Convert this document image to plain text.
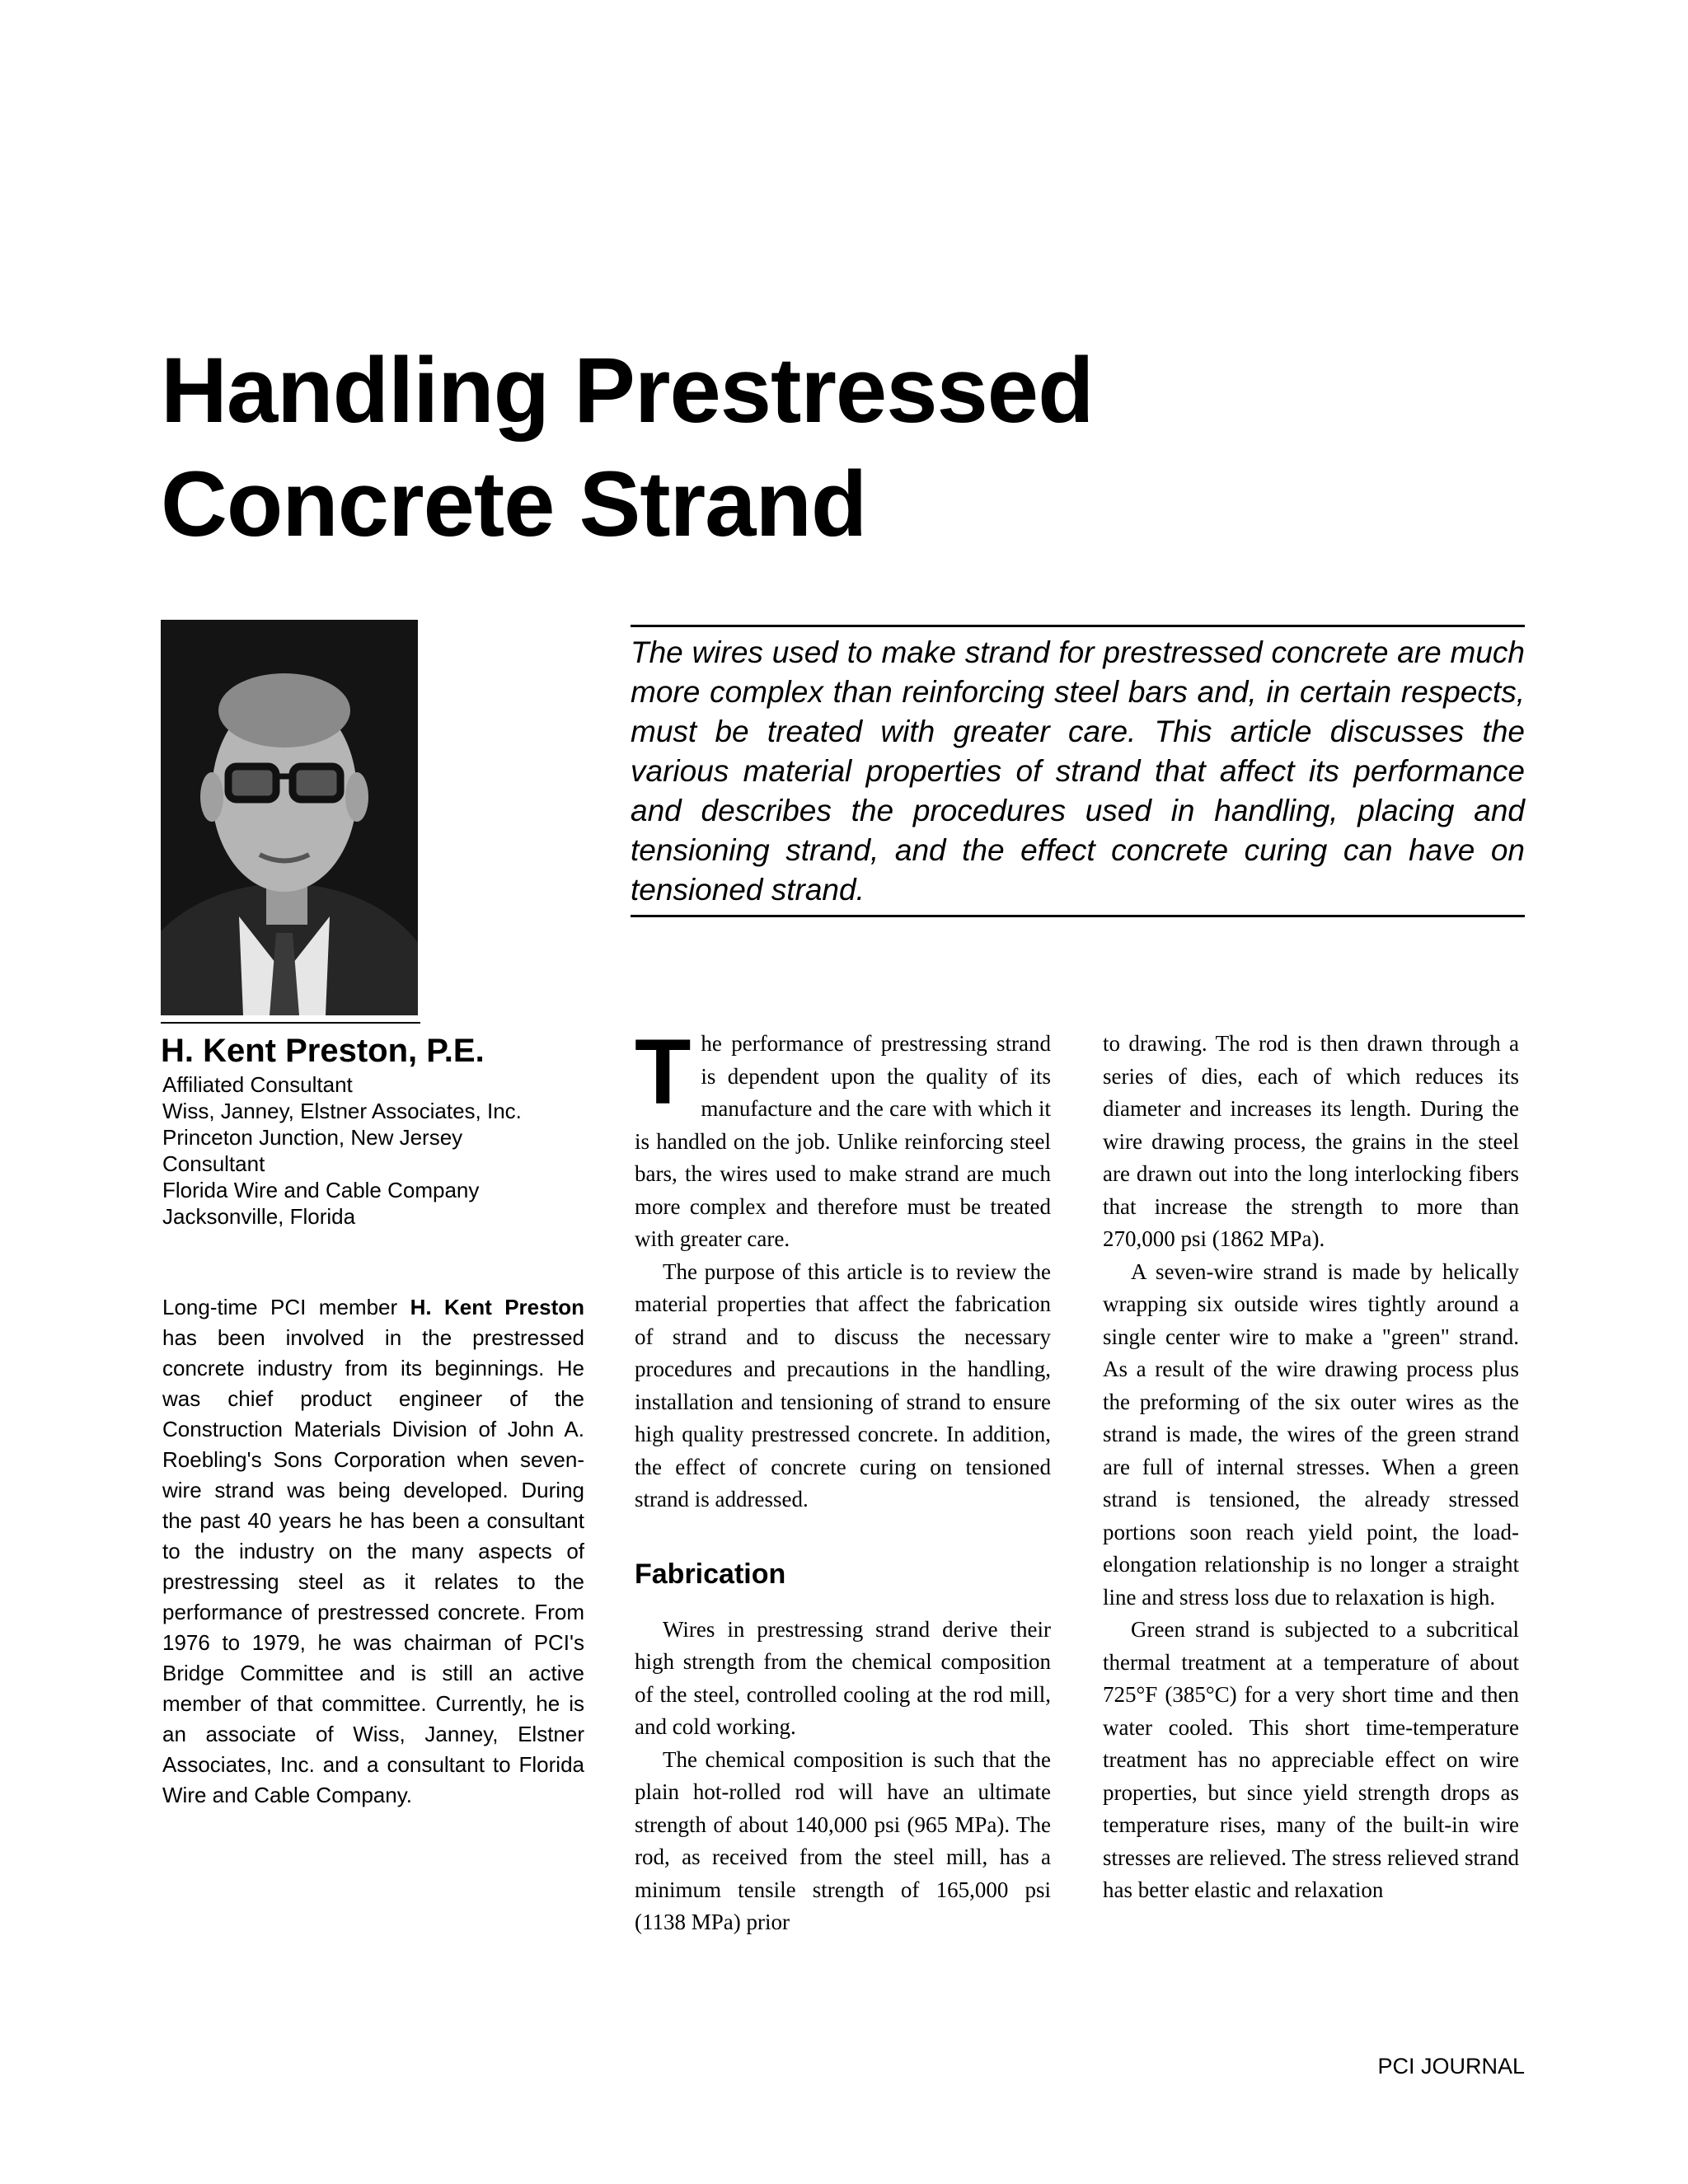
Handling Prestressed
Concrete Strand
The wires used to make strand for prestressed concrete are much more complex than reinforcing steel bars and, in certain respects, must be treated with greater care. This article discusses the various material properties of strand that affect its performance and describes the procedures used in handling, placing and tensioning strand, and the effect concrete curing can have on tensioned strand.
H. Kent Preston, P.E.
Affiliated Consultant
Wiss, Janney, Elstner Associates, Inc.
Princeton Junction, New Jersey
Consultant
Florida Wire and Cable Company
Jacksonville, Florida

Long-time PCI member H. Kent Preston has been involved in the prestressed concrete industry from its beginnings. He was chief product engineer of the Construction Materials Division of John A. Roebling's Sons Corporation when seven-wire strand was being developed. During the past 40 years he has been a consultant to the industry on the many aspects of prestressing steel as it relates to the performance of prestressed concrete. From 1976 to 1979, he was chairman of PCI's Bridge Committee and is still an active member of that committee. Currently, he is an associate of Wiss, Janney, Elstner Associates, Inc. and a consultant to Florida Wire and Cable Company.

The performance of prestressing strand is dependent upon the quality of its manufacture and the care with which it is handled on the job. Unlike reinforcing steel bars, the wires used to make strand are much more complex and therefore must be treated with greater care.

The purpose of this article is to review the material properties that affect the fabrication of strand and to discuss the necessary procedures and precautions in the handling, installation and tensioning of strand to ensure high quality prestressed concrete. In addition, the effect of concrete curing on tensioned strand is addressed.

Fabrication

Wires in prestressing strand derive their high strength from the chemical composition of the steel, controlled cooling at the rod mill, and cold working.

The chemical composition is such that the plain hot-rolled rod will have an ultimate strength of about 140,000 psi (965 MPa). The rod, as received from the steel mill, has a minimum tensile strength of 165,000 psi (1138 MPa) prior

to drawing. The rod is then drawn through a series of dies, each of which reduces its diameter and increases its length. During the wire drawing process, the grains in the steel are drawn out into the long interlocking fibers that increase the strength to more than 270,000 psi (1862 MPa).

A seven-wire strand is made by helically wrapping six outside wires tightly around a single center wire to make a "green" strand. As a result of the wire drawing process plus the preforming of the six outer wires as the strand is made, the wires of the green strand are full of internal stresses. When a green strand is tensioned, the already stressed portions soon reach yield point, the load-elongation relationship is no longer a straight line and stress loss due to relaxation is high.

Green strand is subjected to a subcritical thermal treatment at a temperature of about 725°F (385°C) for a very short time and then water cooled. This short time-temperature treatment has no appreciable effect on wire properties, but since yield strength drops as temperature rises, many of the built-in wire stresses are relieved. The stress relieved strand has better elastic and relaxation

PCI JOURNAL
